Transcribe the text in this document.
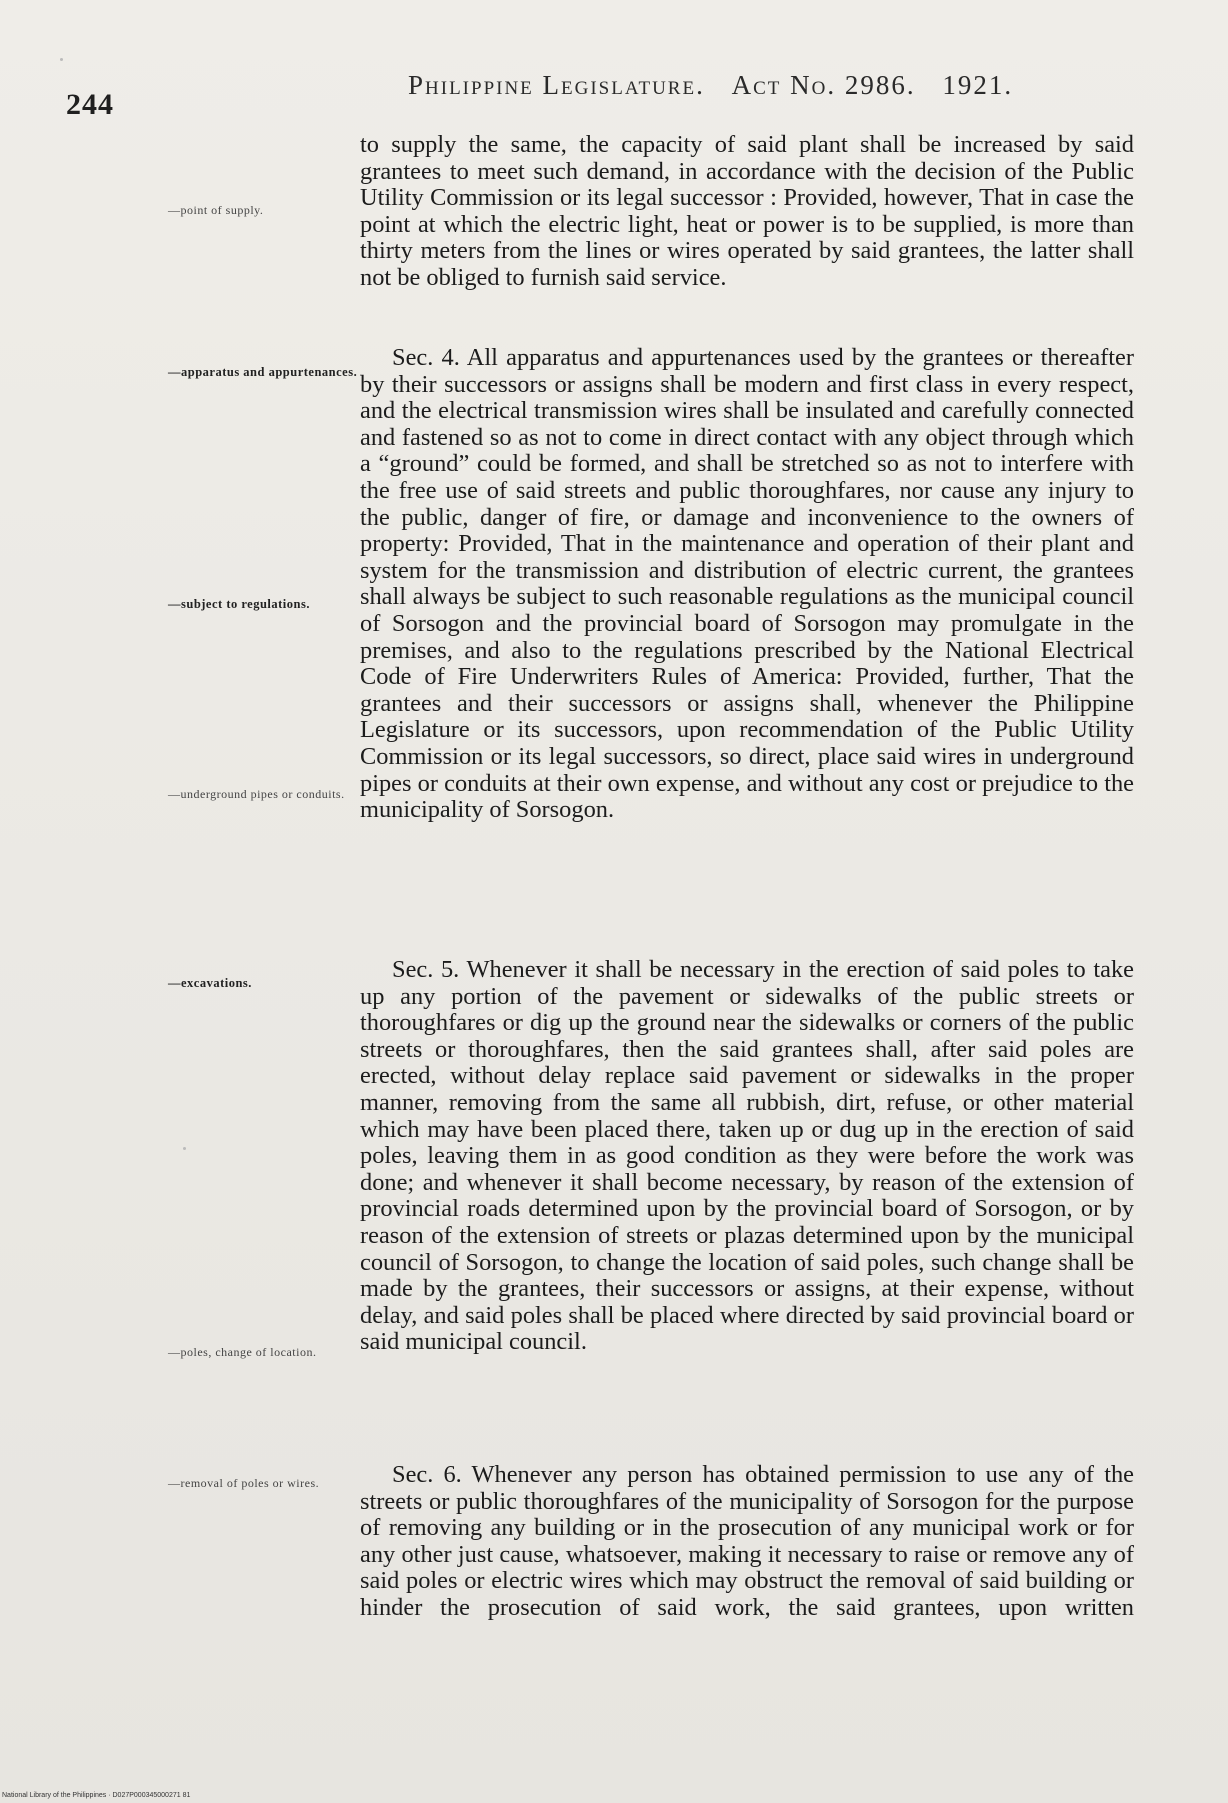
244
Philippine Legislature. Act No. 2986. 1921.
—point of supply.
—apparatus and appurtenances.
—subject to regulations.
—underground pipes or conduits.
—excavations.
—poles, change of location.
—removal of poles or wires.

to supply the same, the capacity of said plant shall be increased by said grantees to meet such demand, in accordance with the decision of the Public Utility Commission or its legal successor : Provided, however, That in case the point at which the electric light, heat or power is to be supplied, is more than thirty meters from the lines or wires operated by said grantees, the latter shall not be obliged to furnish said service.

Sec. 4. All apparatus and appurtenances used by the grantees or thereafter by their successors or assigns shall be modern and first class in every respect, and the electrical transmission wires shall be insulated and carefully connected and fastened so as not to come in direct contact with any object through which a “ground” could be formed, and shall be stretched so as not to interfere with the free use of said streets and public thoroughfares, nor cause any injury to the public, danger of fire, or damage and inconvenience to the owners of property: Provided, That in the maintenance and operation of their plant and system for the transmission and distribution of electric current, the grantees shall always be subject to such reasonable regulations as the municipal council of Sorsogon and the provincial board of Sorsogon may promulgate in the premises, and also to the regulations prescribed by the National Electrical Code of Fire Underwriters Rules of America: Provided, further, That the grantees and their successors or assigns shall, whenever the Philippine Legislature or its successors, upon recommendation of the Public Utility Commission or its legal successors, so direct, place said wires in underground pipes or conduits at their own expense, and without any cost or prejudice to the municipality of Sorsogon.

Sec. 5. Whenever it shall be necessary in the erection of said poles to take up any portion of the pavement or sidewalks of the public streets or thoroughfares or dig up the ground near the sidewalks or corners of the public streets or thoroughfares, then the said grantees shall, after said poles are erected, without delay replace said pavement or sidewalks in the proper manner, removing from the same all rubbish, dirt, refuse, or other material which may have been placed there, taken up or dug up in the erection of said poles, leaving them in as good condition as they were before the work was done; and whenever it shall become necessary, by reason of the extension of provincial roads determined upon by the provincial board of Sorsogon, or by reason of the extension of streets or plazas determined upon by the municipal council of Sorsogon, to change the location of said poles, such change shall be made by the grantees, their successors or assigns, at their expense, without delay, and said poles shall be placed where directed by said provincial board or said municipal council.

Sec. 6. Whenever any person has obtained permission to use any of the streets or public thoroughfares of the municipality of Sorsogon for the purpose of removing any building or in the prosecution of any municipal work or for any other just cause, whatsoever, making it necessary to raise or remove any of said poles or electric wires which may obstruct the removal of said building or hinder the prosecution of said work, the said grantees, upon written

National Library of the Philippines · D027P000345000271 81
